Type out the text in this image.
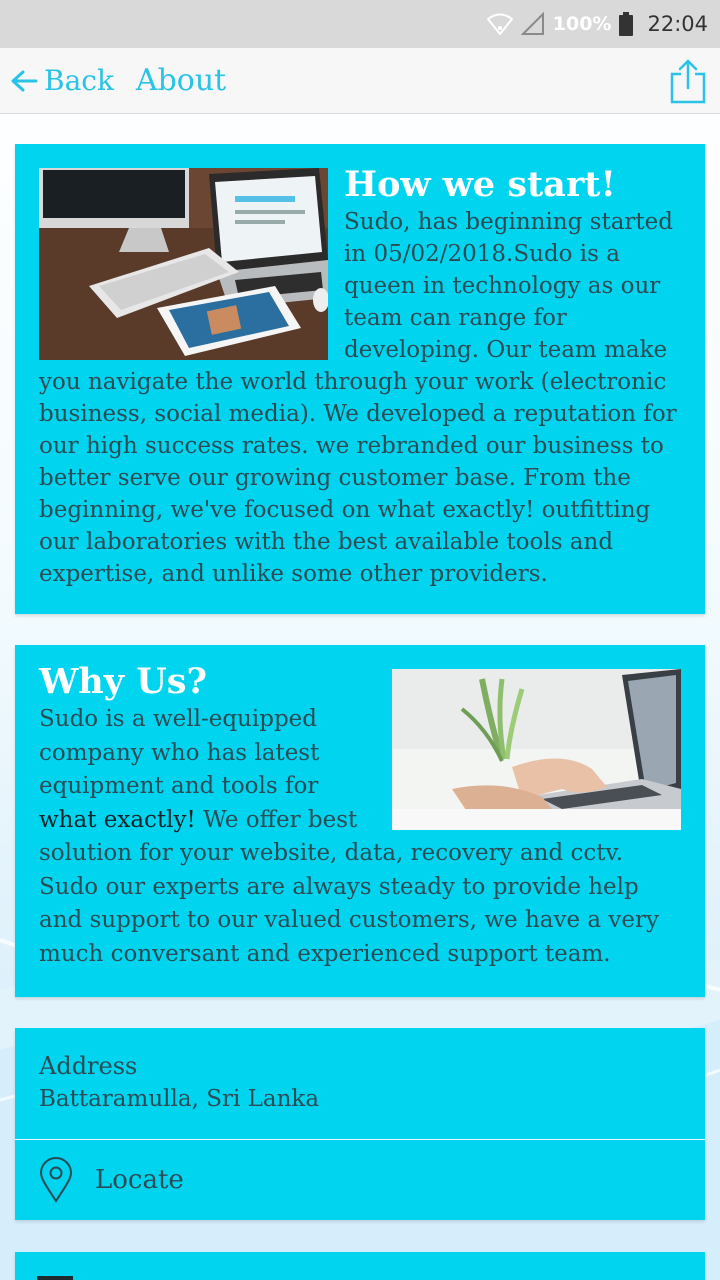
100% 22:04
Back About
How we start!
Sudo, has beginning started in 05/02/2018.Sudo is a queen in technology as our team can range for developing. Our team make you navigate the world through your work (electronic business, social media). We developed a reputation for our high success rates. we rebranded our business to better serve our growing customer base. From the beginning, we've focused on what exactly! outfitting our laboratories with the best available tools and expertise, and unlike some other providers.
Why Us?
Sudo is a well-equipped company who has latest equipment and tools for what exactly! We offer best solution for your website, data, recovery and cctv. Sudo our experts are always steady to provide help and support to our valued customers, we have a very much conversant and experienced support team.
Address
Battaramulla, Sri Lanka
Locate
